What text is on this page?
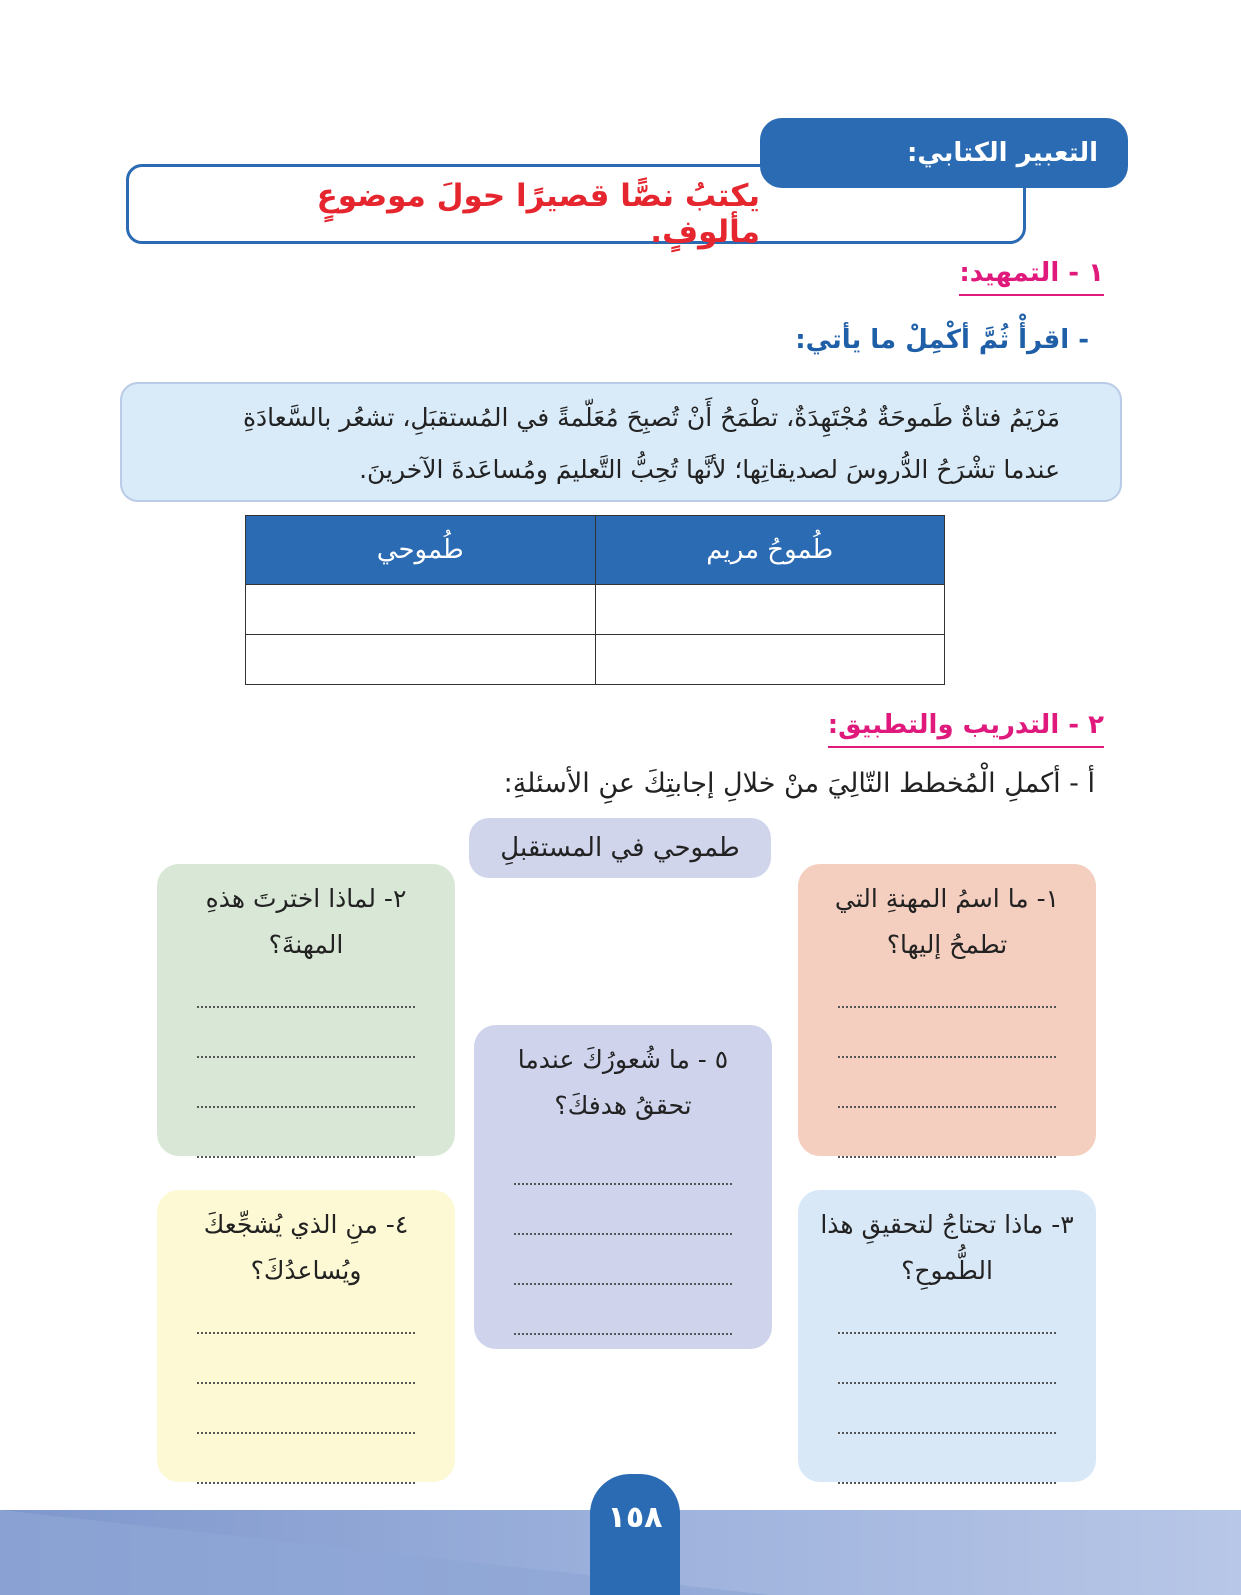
التعبير الكتابي:
يكتبُ نصًّا قصيرًا حولَ موضوعٍ مألوفٍ.
١ - التمهيد:
- اقرأْ ثُمَّ أكْمِلْ ما يأتي:

مَرْيَمُ فتاةٌ طَموحَةٌ مُجْتَهِدَةٌ، تطْمَحُ أَنْ تُصبِحَ مُعَلّمةً في المُستقبَلِ، تشعُر بالسَّعادَةِ

عندما تشْرَحُ الدُّروسَ لصديقاتِها؛ لأنَّها تُحِبُّ التَّعليمَ ومُساعَدةَ الآخرينَ.

طُموحُ مريم	طُموحي

٢ - التدريب والتطبيق:
أ - أكملِ الْمُخطط التّالِيَ منْ خلالِ إجابتِكَ عنِ الأسئلةِ:
طموحي في المستقبلِ
١- ما اسمُ المهنةِ التي تطمحُ إليها؟
٢- لماذا اخترتَ هذهِ المهنةَ؟
٥ - ما شُعورُكَ عندما تحققُ هدفكَ؟
٣- ماذا تحتاجُ لتحقيقِ هذا الطُّموحِ؟
٤- منِ الذي يُشجِّعكَ ويُساعدُكَ؟
١٥٨
